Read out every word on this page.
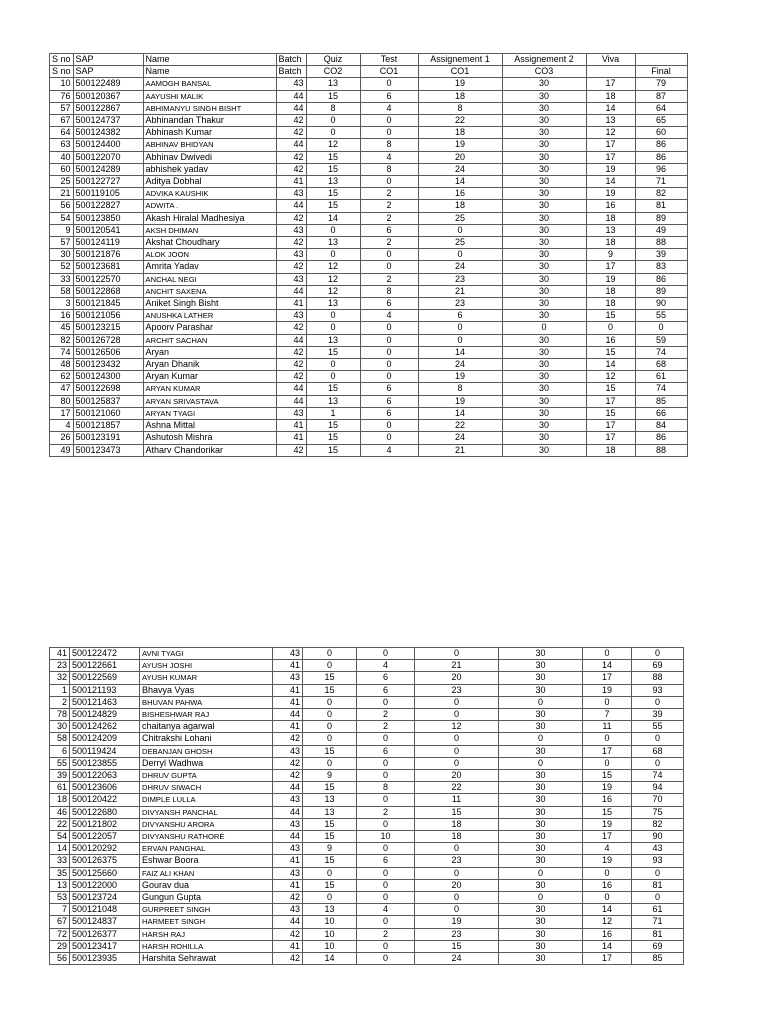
S no	SAP	Name	Batch	Quiz	Test	Assignement 1	Assignement 2	Viva	
S no	SAP	Name	Batch	CO2	CO1	CO1	CO3		Final
10	500122489	AAMOGH BANSAL	43	13	0	19	30	17	79
76	500120367	AAYUSHI MALIK	44	15	6	18	30	18	87
57	500122867	ABHIMANYU SINGH BISHT	44	8	4	8	30	14	64
67	500124737	Abhinandan Thakur	42	0	0	22	30	13	65
64	500124382	Abhinash Kumar	42	0	0	18	30	12	60
63	500124400	ABHINAV BHIDYAN	44	12	8	19	30	17	86
40	500122070	Abhinav Dwivedi	42	15	4	20	30	17	86
60	500124289	abhishek yadav	42	15	8	24	30	19	96
25	500122727	Aditya Dobhal	41	13	0	14	30	14	71
21	500119105	ADVIKA KAUSHIK	43	15	2	16	30	19	82
56	500122827	ADWITA .	44	15	2	18	30	16	81
54	500123850	Akash Hiralal Madhesiya	42	14	2	25	30	18	89
9	500120541	AKSH DHIMAN	43	0	6	0	30	13	49
57	500124119	Akshat Choudhary	42	13	2	25	30	18	88
30	500121876	ALOK JOON	43	0	0	0	30	9	39
52	500123681	Amrita Yadav	42	12	0	24	30	17	83
33	500122570	ANCHAL NEGI	43	12	2	23	30	19	86
58	500122868	ANCHIT SAXENA	44	12	8	21	30	18	89
3	500121845	Aniket Singh Bisht	41	13	6	23	30	18	90
16	500121056	ANUSHKA LATHER	43	0	4	6	30	15	55
45	500123215	Apoorv Parashar	42	0	0	0	0	0	0
82	500126728	ARCHIT SACHAN	44	13	0	0	30	16	59
74	500126506	Aryan	42	15	0	14	30	15	74
48	500123432	Aryan Dhanik	42	0	0	24	30	14	68
62	500124300	Aryan Kumar	42	0	0	19	30	12	61
47	500122698	ARYAN KUMAR	44	15	6	8	30	15	74
80	500125837	ARYAN SRIVASTAVA	44	13	6	19	30	17	85
17	500121060	ARYAN TYAGI	43	1	6	14	30	15	66
4	500121857	Ashna Mittal	41	15	0	22	30	17	84
26	500123191	Ashutosh Mishra	41	15	0	24	30	17	86
49	500123473	Atharv Chandorikar	42	15	4	21	30	18	88
41	500122472	AVNI TYAGI	43	0	0	0	30	0	0
23	500122661	AYUSH JOSHI	41	0	4	21	30	14	69
32	500122569	AYUSH KUMAR	43	15	6	20	30	17	88
1	500121193	Bhavya Vyas	41	15	6	23	30	19	93
2	500121463	BHUVAN PAHWA	41	0	0	0	0	0	0
78	500124829	BISHESHWAR RAJ	44	0	2	0	30	7	39
30	500124262	chaitanya agarwal	41	0	2	12	30	11	55
58	500124209	Chitrakshi Lohani	42	0	0	0	0	0	0
6	500119424	DEBANJAN GHOSH	43	15	6	0	30	17	68
55	500123855	Derryl Wadhwa	42	0	0	0	0	0	0
39	500122063	DHRUV GUPTA	42	9	0	20	30	15	74
61	500123606	DHRUV SIWACH	44	15	8	22	30	19	94
18	500120422	DIMPLE LULLA	43	13	0	11	30	16	70
46	500122680	DIVYANSH PANCHAL	44	13	2	15	30	15	75
22	500121802	DIVYANSHU ARORA	43	15	0	18	30	19	82
54	500122057	DIVYANSHU RATHORE	44	15	10	18	30	17	90
14	500120292	ERVAN PANGHAL	43	9	0	0	30	4	43
33	500126375	Eshwar Boora	41	15	6	23	30	19	93
35	500125660	FAIZ ALI KHAN	43	0	0	0	0	0	0
13	500122000	Gourav dua	41	15	0	20	30	16	81
53	500123724	Gungun Gupta	42	0	0	0	0	0	0
7	500121048	GURPREET SINGH	43	13	4	0	30	14	61
67	500124837	HARMEET SINGH	44	10	0	19	30	12	71
72	500126377	HARSH RAJ	42	10	2	23	30	16	81
29	500123417	HARSH ROHILLA	41	10	0	15	30	14	69
56	500123935	Harshita Sehrawat	42	14	0	24	30	17	85
